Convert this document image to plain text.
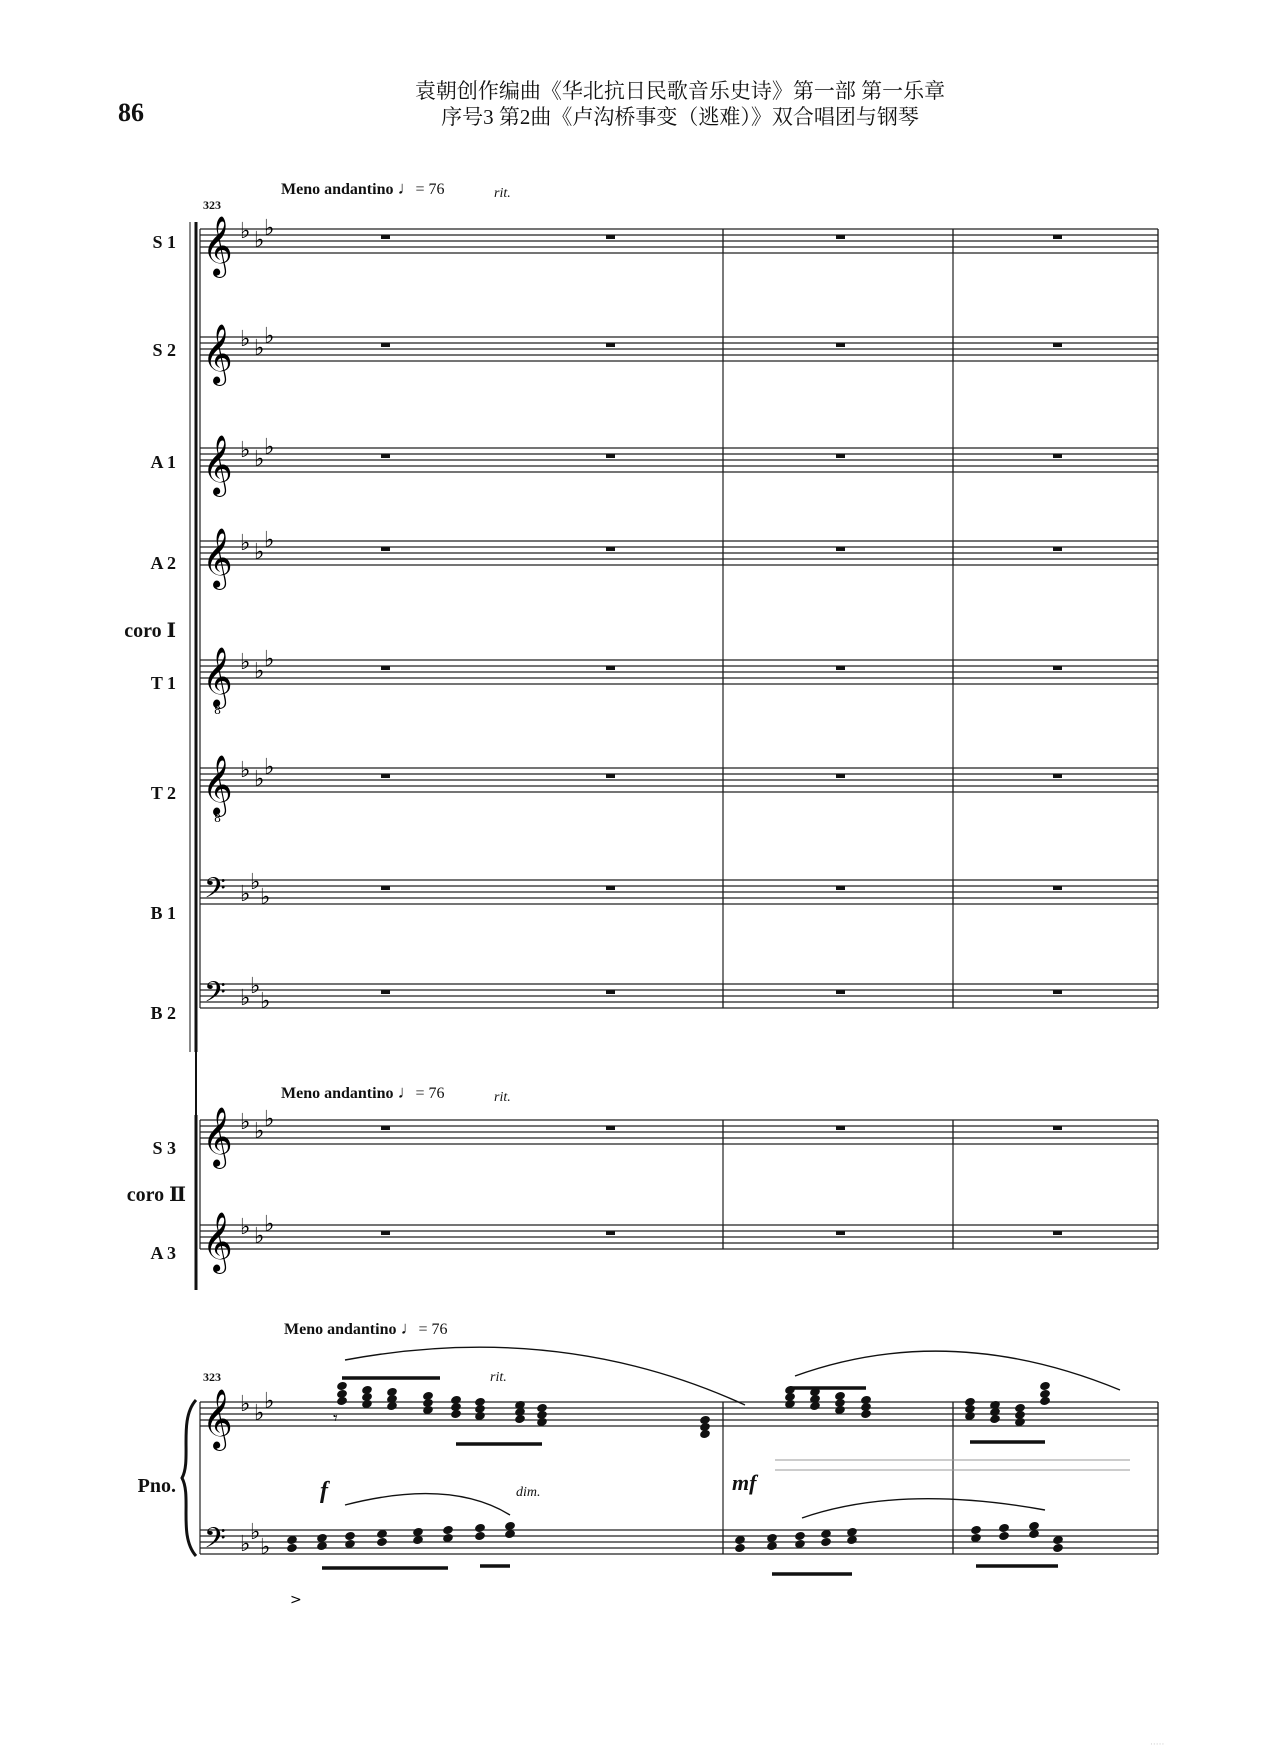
86
袁朝创作编曲《华北抗日民歌音乐史诗》第一部 第一乐章
序号3 第2曲《卢沟桥事变（逃难）》双合唱团与钢琴
Meno andantino ♩= 76	rit.
Meno andantino ♩= 76	rit.
Meno andantino ♩= 76
rit.
323
323
S 1
S 2
A 1
A 2
coro Ⅰ
T 1
T 2
B 1
B 2
S 3
coro Ⅱ
A 3
Pno.	f	dim.	mf
𝄞 ♭ ♭ ♭
𝄞 ♭ ♭ ♭
𝄞 ♭ ♭ ♭
𝄞 ♭ ♭ ♭
𝄞
8
♭ ♭ ♭
𝄞
8
♭ ♭ ♭
𝄢 ♭ ♭
♭
𝄢 ♭ ♭
♭
𝄞 ♭ ♭ ♭
𝄞 ♭ ♭ ♭
𝄞 ♭ ♭ ♭
𝄢 ♭ ♭
♭
𝄾
>
·····
